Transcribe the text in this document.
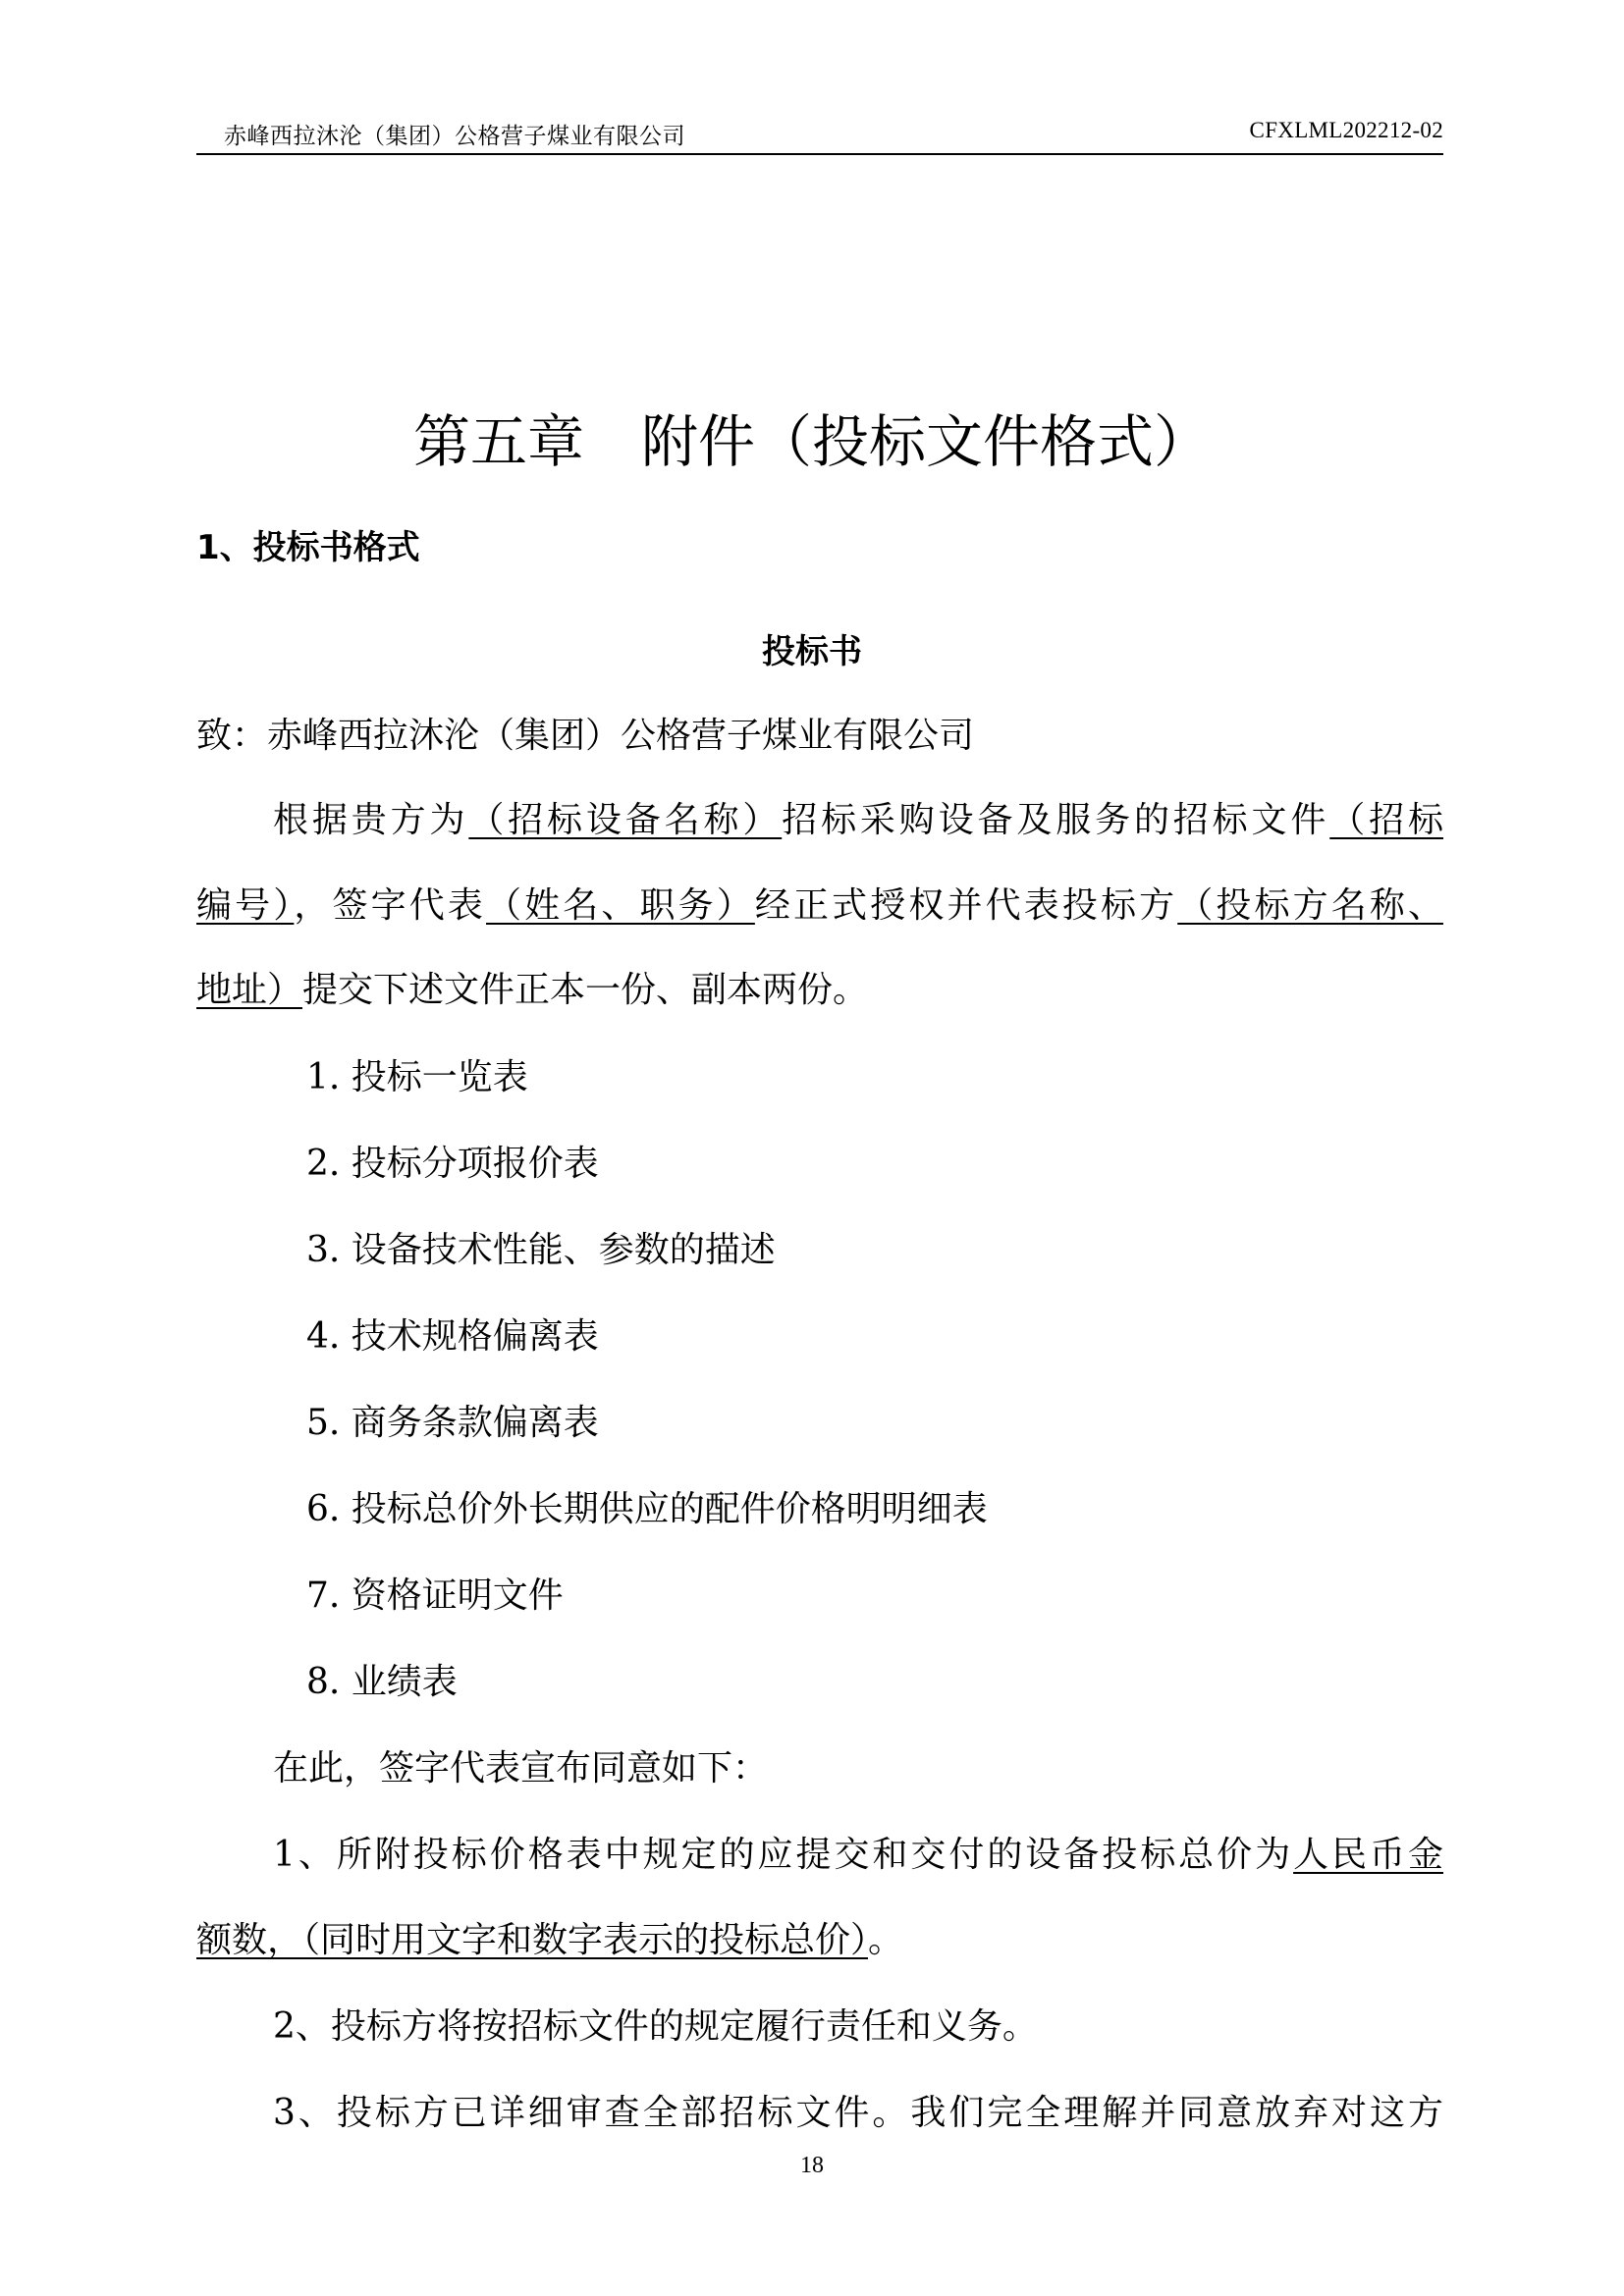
赤峰西拉沐沦（集团）公格营子煤业有限公司	CFXLML202212-02
第五章　附件（投标文件格式）
1、投标书格式
投标书
致：赤峰西拉沐沦（集团）公格营子煤业有限公司
根据贵方为（招标设备名称）招标采购设备及服务的招标文件（招标
编号），签字代表（姓名、职务）经正式授权并代表投标方（投标方名称、
地址）提交下述文件正本一份、副本两份。
1. 投标一览表
2. 投标分项报价表
3. 设备技术性能、参数的描述
4. 技术规格偏离表
5. 商务条款偏离表
6. 投标总价外长期供应的配件价格明明细表
7. 资格证明文件
8. 业绩表
在此，签字代表宣布同意如下：
1、所附投标价格表中规定的应提交和交付的设备投标总价为人民币金
额数，（同时用文字和数字表示的投标总价）。
2、投标方将按招标文件的规定履行责任和义务。
3、投标方已详细审查全部招标文件。我们完全理解并同意放弃对这方
18
